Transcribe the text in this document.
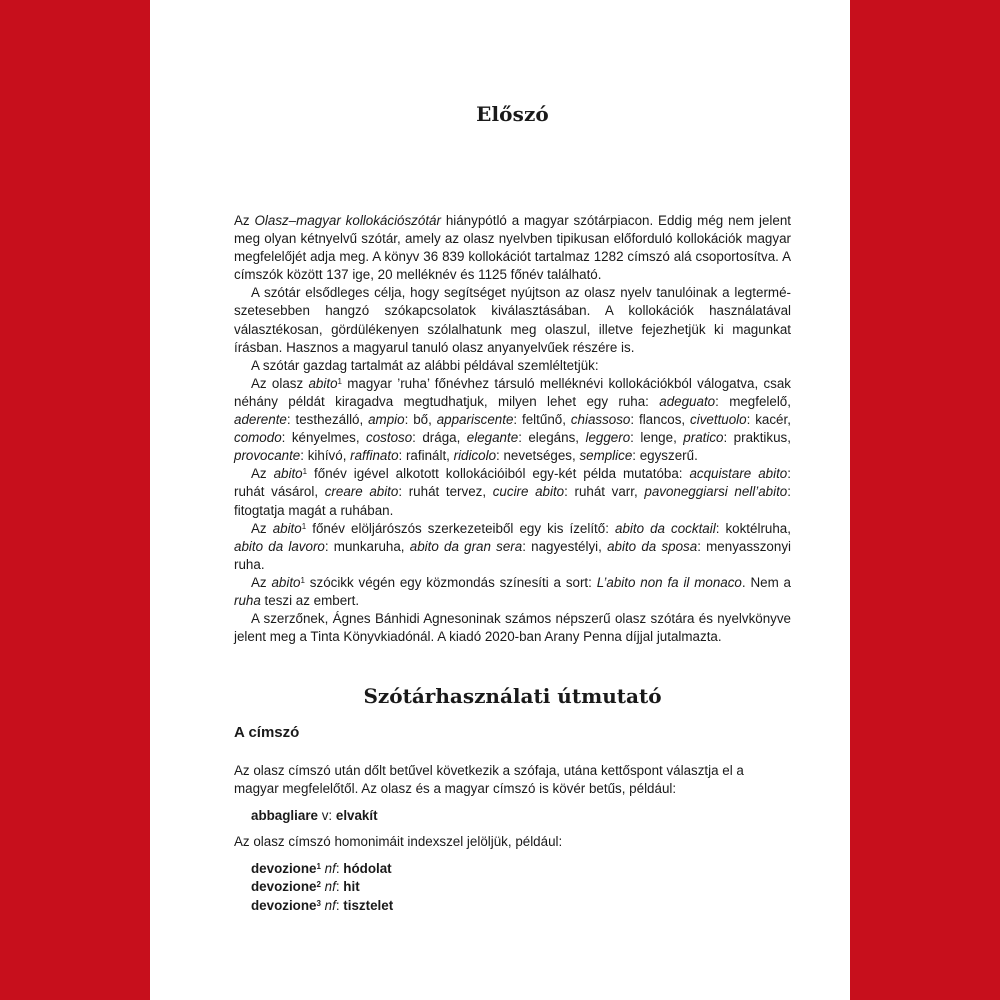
Előszó

Az Olasz–magyar kollokációszótár hiánypótló a magyar szótárpiacon. Eddig még nem jelent meg olyan kétnyelvű szótár, amely az olasz nyelvben tipikusan előforduló kollokációk magyar megfelelőjét adja meg. A könyv 36 839 kollokációt tartalmaz 1282 címszó alá csoportosítva. A címszók között 137 ige, 20 melléknév és 1125 főnév található.

A szótár elsődleges célja, hogy segítséget nyújtson az olasz nyelv tanulóinak a legtermészetesebben hangzó szókapcsolatok kiválasztásában. A kollokációk használatával választékosan, gördülékenyen szólalhatunk meg olaszul, illetve fejezhetjük ki magunkat írásban. Hasznos a magyarul tanuló olasz anyanyelvűek részére is.

A szótár gazdag tartalmát az alábbi példával szemléltetjük:

Az olasz abito$^1$ magyar ’ruha’ főnévhez társuló melléknévi kollokációkból válogatva, csak néhány példát kiragadva megtudhatjuk, milyen lehet egy ruha: adeguato: megfelelő, aderente: testhezálló, ampio: bő, appariscente: feltűnő, chiassoso: flancos, civettuolo: kacér, comodo: kényelmes, costoso: drága, elegante: elegáns, leggero: lenge, pratico: praktikus, provocante: kihívó, raffinato: rafinált, ridicolo: nevetséges, semplice: egyszerű.

Az abito$^1$ főnév igével alkotott kollokációiból egy-két példa mutatóba: acquistare abito: ruhát vásárol, creare abito: ruhát tervez, cucire abito: ruhát varr, pavoneggiarsi nell’abito: fitogtatja magát a ruhában.

Az abito$^1$ főnév elöljárószós szerkezeteiből egy kis ízelítő: abito da cocktail: koktélruha, abito da lavoro: munkaruha, abito da gran sera: nagyestélyi, abito da sposa: menyasszonyi ruha.

Az abito$^1$ szócikk végén egy közmondás színesíti a sort: L’abito non fa il monaco. Nem a ruha teszi az embert.

A szerzőnek, Ágnes Bánhidi Agnesoninak számos népszerű olasz szótára és nyelvkönyve jelent meg a Tinta Könyvkiadónál. A kiadó 2020-ban Arany Penna díjjal jutalmazta.

Szótárhasználati útmutató
A címszó

Az olasz címszó után dőlt betűvel következik a szófaja, utána kettőspont választja el a magyar megfelelőtől. Az olasz és a magyar címszó is kövér betűs, például:

abbagliare v: elvakít

Az olasz címszó homonimáit indexszel jelöljük, például:

devozione$^1$ nf: hódolat
devozione$^2$ nf: hit
devozione$^3$ nf: tisztelet
